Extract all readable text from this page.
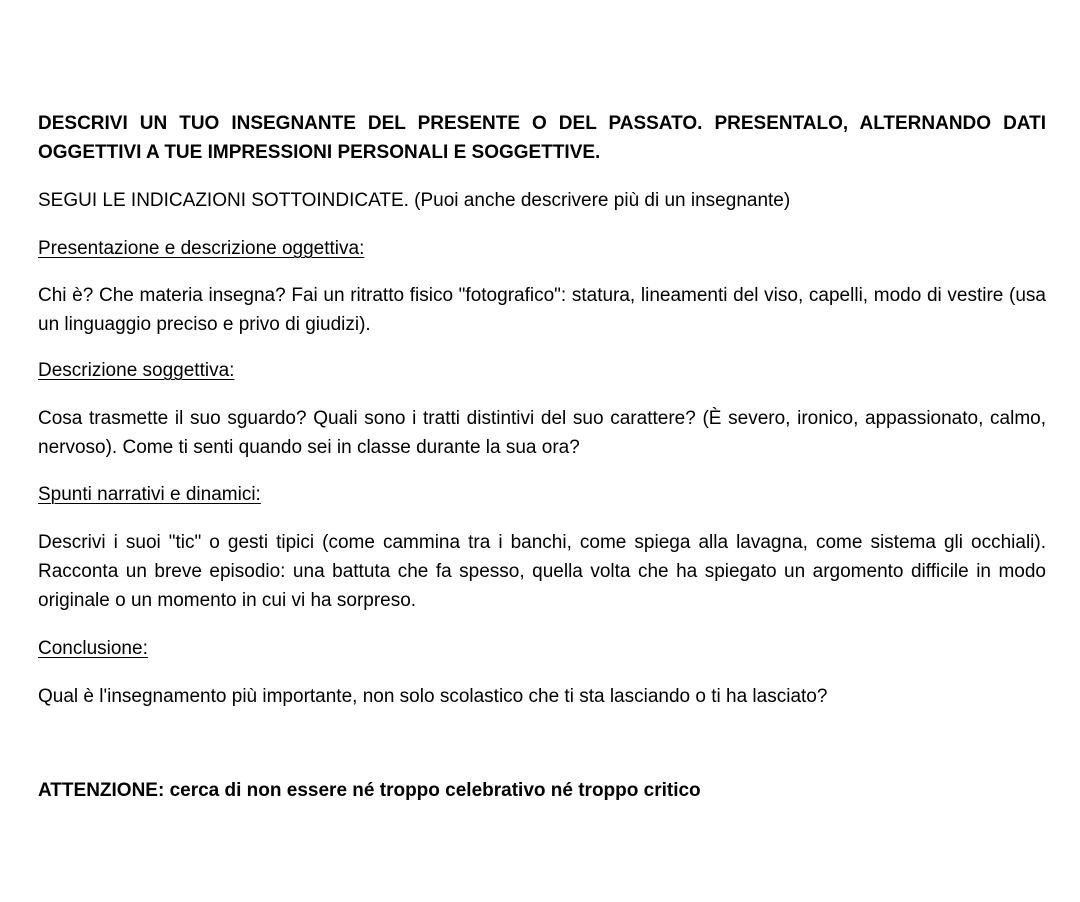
DESCRIVI UN TUO INSEGNANTE DEL PRESENTE O DEL PASSATO. PRESENTALO, ALTERNANDO DATI OGGETTIVI A TUE IMPRESSIONI PERSONALI E SOGGETTIVE.

SEGUI LE INDICAZIONI SOTTOINDICATE. (Puoi anche descrivere più di un insegnante)

Presentazione e descrizione oggettiva:

Chi è? Che materia insegna? Fai un ritratto fisico "fotografico": statura, lineamenti del viso, capelli, modo di vestire (usa un linguaggio preciso e privo di giudizi).

Descrizione soggettiva:

Cosa trasmette il suo sguardo? Quali sono i tratti distintivi del suo carattere? (È severo, ironico, appassionato, calmo, nervoso). Come ti senti quando sei in classe durante la sua ora?

Spunti narrativi e dinamici:

Descrivi i suoi "tic" o gesti tipici (come cammina tra i banchi, come spiega alla lavagna, come sistema gli occhiali). Racconta un breve episodio: una battuta che fa spesso, quella volta che ha spiegato un argomento difficile in modo originale o un momento in cui vi ha sorpreso.

Conclusione:

Qual è l'insegnamento più importante, non solo scolastico che ti sta lasciando o ti ha lasciato?

ATTENZIONE: cerca di non essere né troppo celebrativo né troppo critico
